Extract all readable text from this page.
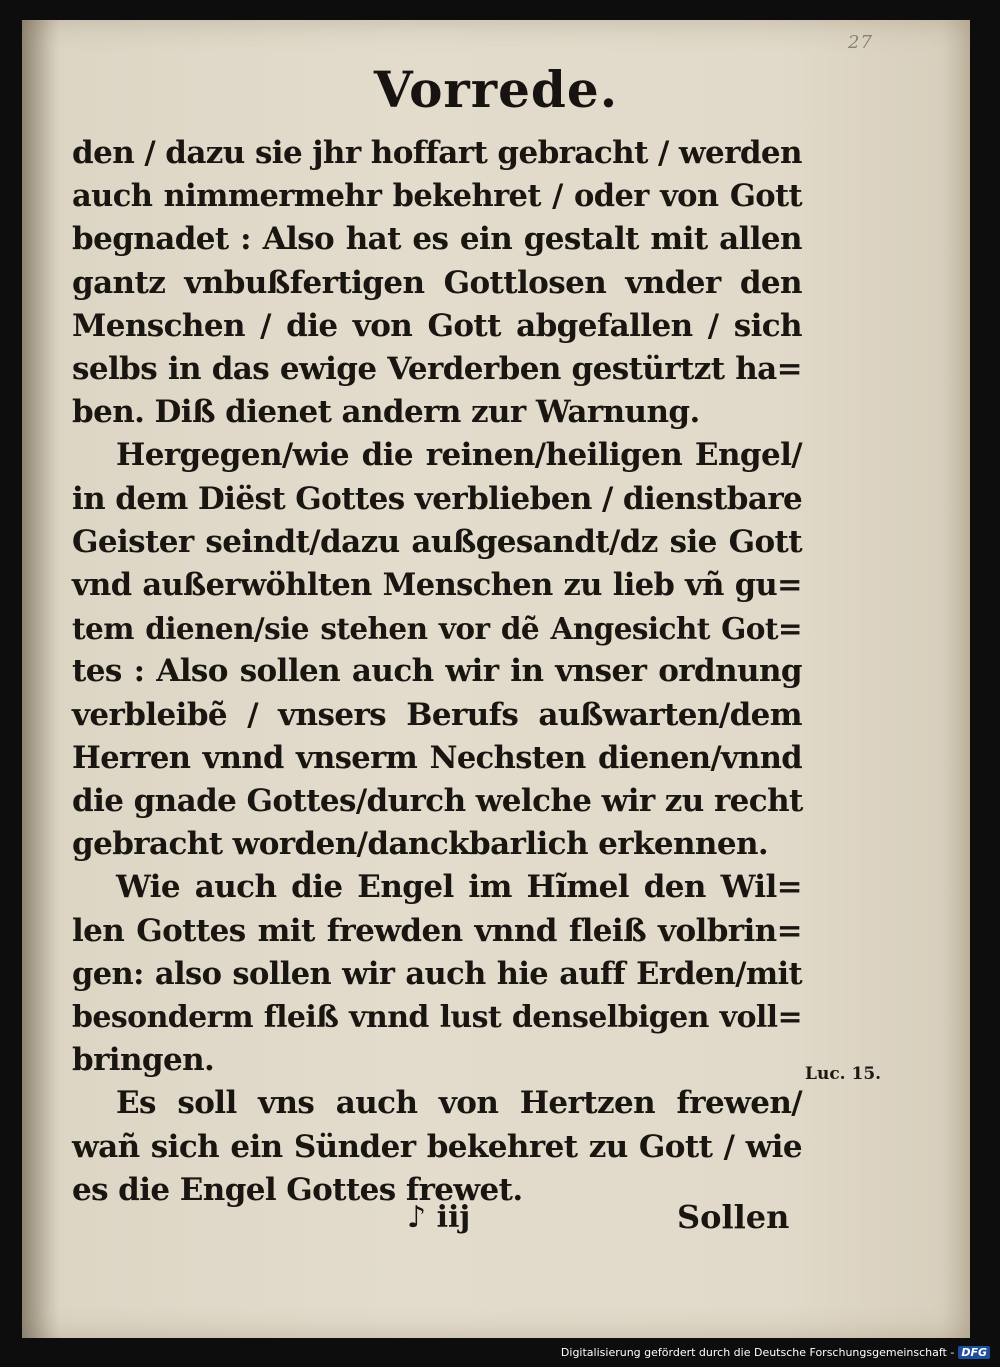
27
Vorrede.
den / dazu sie jhr hoffart gebracht / werden
auch nimmermehr bekehret / oder von Gott
begnadet : Also hat es ein gestalt mit allen
gantz vnbußfertigen Gottlosen vnder den
Menschen / die von Gott abgefallen / sich
selbs in das ewige Verderben gestürtzt ha=
ben. Diß dienet andern zur Warnung.
Hergegen/wie die reinen/heiligen Engel/
in dem Diëst Gottes verblieben / dienstbare
Geister seindt/dazu außgesandt/dz sie Gott
vnd außerwöhlten Menschen zu lieb vñ gu=
tem dienen/sie stehen vor dẽ Angesicht Got=
tes : Also sollen auch wir in vnser ordnung
verbleibẽ / vnsers Berufs außwarten/dem
Herren vnnd vnserm Nechsten dienen/vnnd
die gnade Gottes/durch welche wir zu recht
gebracht worden/danckbarlich erkennen.
Wie auch die Engel im Hĩmel den Wil=
len Gottes mit frewden vnnd fleiß volbrin=
gen: also sollen wir auch hie auff Erden/mit
besonderm fleiß vnnd lust denselbigen voll=
bringen.
Es soll vns auch von Hertzen frewen/
wañ sich ein Sünder bekehret zu Gott / wie
es die Engel Gottes frewet.
Luc. 15.
♪ iij	Sollen
Digitalisierung gefördert durch die Deutsche Forschungsgemeinschaft - DFG
